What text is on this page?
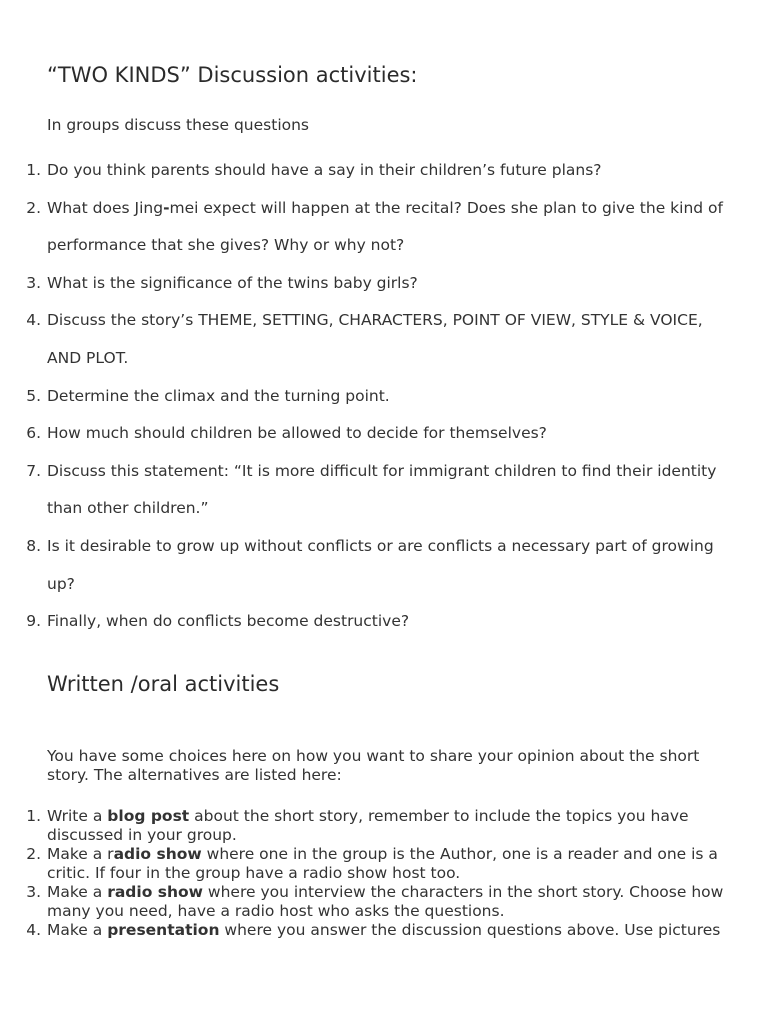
“TWO KINDS” Discussion activities:
In groups discuss these questions
1. Do you think parents should have a say in their children’s future plans?
2. What does Jing-mei expect will happen at the recital? Does she plan to give the kind of performance that she gives? Why or why not?
3. What is the significance of the twins baby girls?
4. Discuss the story’s THEME, SETTING, CHARACTERS, POINT OF VIEW, STYLE & VOICE, AND PLOT.
5. Determine the climax and the turning point.
6. How much should children be allowed to decide for themselves?
7. Discuss this statement: “It is more difficult for immigrant children to find their identity than other children.”
8. Is it desirable to grow up without conflicts or are conflicts a necessary part of growing up?
9. Finally, when do conflicts become destructive?
Written /oral activities
You have some choices here on how you want to share your opinion about the short story. The alternatives are listed here:
1. Write a blog post about the short story, remember to include the topics you have discussed in your group.
2. Make a radio show where one in the group is the Author, one is a reader and one is a critic. If four in the group have a radio show host too.
3. Make a radio show where you interview the characters in the short story. Choose how many you need, have a radio host who asks the questions.
4. Make a presentation where you answer the discussion questions above. Use pictures
